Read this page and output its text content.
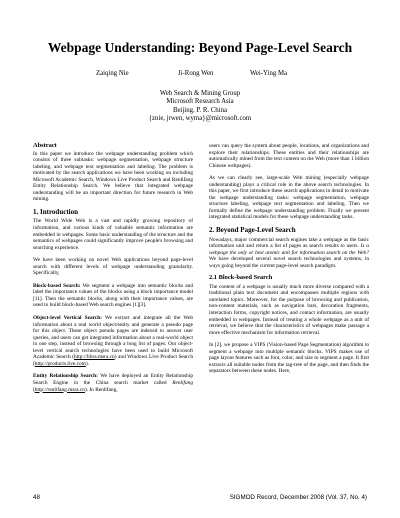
Webpage Understanding: Beyond Page-Level Search
Zaiqing Nie	Ji-Rong Wen	Wei-Ying Ma
Web Search & Mining Group
Microsoft Research Asia
Beijing, P. R. China
{znie, jrwen, wyma}@microsoft.com
Abstract

In this paper we introduce the webpage understanding problem which consists of three subtasks: webpage segmentation, webpage structure labeling, and webpage text segmentation and labeling. The problem is motivated by the search applications we have been working on including Microsoft Academic Search, Windows Live Product Search and Renlifang Entity Relationship Search. We believe that integrated webpage understanding will be an important direction for future research in Web mining.

1. Introduction

The World Wide Web is a vast and rapidly growing repository of information, and various kinds of valuable semantic information are embedded in webpages. Some basic understanding of the structure and the semantics of webpages could significantly improve people's browsing and searching experience.

We have been working on novel Web applications beyond page-level search with different levels of webpage understanding granularity. Specifically,

Block-based Search: We segment a webpage into semantic blocks and label the importance values of the blocks using a block importance model [11]. Then the semantic blocks, along with their importance values, are used to build block-based Web search engines [1][3].

Object-level Vertical Search: We extract and integrate all the Web information about a real world object/entity and generate a pseudo page for this object. These object pseudo pages are indexed to answer user queries, and users can get integrated information about a real-world object in one step, instead of browsing through a long list of pages. Our object-level vertical search technologies have been used to build Microsoft Academic Search (http://libra.msra.cn) and Windows Live Product Search (http://products.live.com).

Entity Relationship Search: We have deployed an Entity Relationship Search Engine in the China search market called Renlifang (http://renlifang.msra.cn). In Renlifang,

users can query the system about people, locations, and organizations and explore their relationships. These entities and their relationships are automatically mined from the text content on the Web (more than 1 billion Chinese webpages).

As we can clearly see, large-scale Web mining (especially webpage understanding) plays a critical role in the above search technologies. In this paper, we first introduce these search applications in detail to motivate the webpage understanding tasks: webpage segmentation, webpage structure labeling, webpage text segmentation and labeling. Then we formally define the webpage understanding problem. Finally we present integrated statistical models for these webpage understanding tasks.

2. Beyond Page-Level Search

Nowadays, major commercial search engines take a webpage as the basic information unit and return a list of pages as search results to users. Is a webpage the only or best atomic unit for information search on the Web? We have developed several novel search technologies and systems, in ways going beyond the current page-level search paradigm.

2.1 Block-based Search

The content of a webpage is usually much more diverse compared with a traditional plain text document and encompasses multiple regions with unrelated topics. Moreover, for the purpose of browsing and publication, non-content materials, such as navigation bars, decoration fragments, interaction forms, copyright notices, and contact information, are usually embedded in webpages. Instead of treating a whole webpage as a unit of retrieval, we believe that the characteristics of webpages make passage a more effective mechanism for information retrieval.

In [2], we propose a VIPS (Vision-based Page Segmentation) algorithm to segment a webpage into multiple semantic blocks. VIPS makes use of page layout features such as font, color, and size to segment a page. It first extracts all suitable nodes from the tag-tree of the page, and then finds the separators between these nodes. Here,

48	SIGMOD Record, December 2008 (Vol. 37, No. 4)
